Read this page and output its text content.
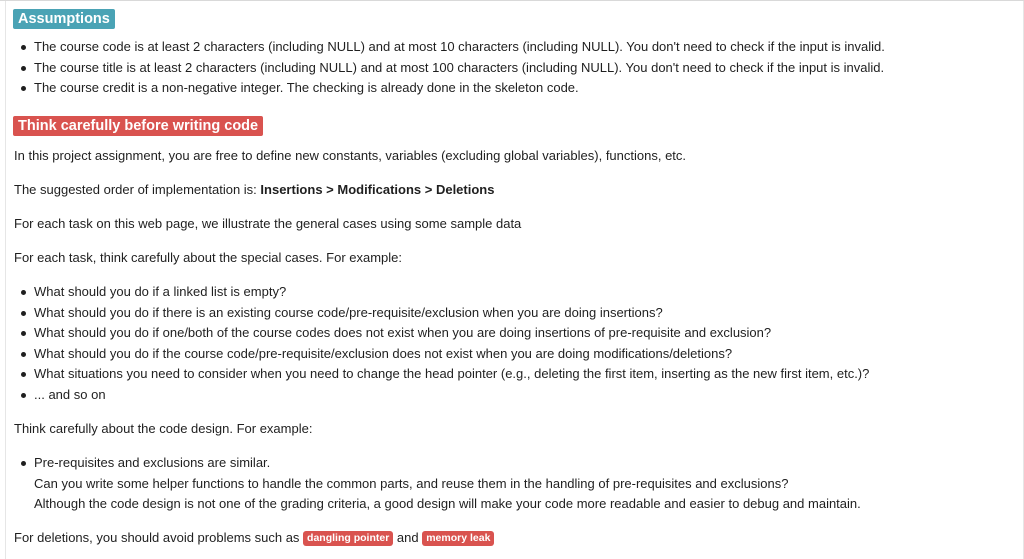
Assumptions
The course code is at least 2 characters (including NULL) and at most 10 characters (including NULL). You don't need to check if the input is invalid.
The course title is at least 2 characters (including NULL) and at most 100 characters (including NULL). You don't need to check if the input is invalid.
The course credit is a non-negative integer. The checking is already done in the skeleton code.
Think carefully before writing code
In this project assignment, you are free to define new constants, variables (excluding global variables), functions, etc.
The suggested order of implementation is: Insertions > Modifications > Deletions
For each task on this web page, we illustrate the general cases using some sample data
For each task, think carefully about the special cases. For example:
What should you do if a linked list is empty?
What should you do if there is an existing course code/pre-requisite/exclusion when you are doing insertions?
What should you do if one/both of the course codes does not exist when you are doing insertions of pre-requisite and exclusion?
What should you do if the course code/pre-requisite/exclusion does not exist when you are doing modifications/deletions?
What situations you need to consider when you need to change the head pointer (e.g., deleting the first item, inserting as the new first item, etc.)?
... and so on
Think carefully about the code design. For example:
Pre-requisites and exclusions are similar.
Can you write some helper functions to handle the common parts, and reuse them in the handling of pre-requisites and exclusions?
Although the code design is not one of the grading criteria, a good design will make your code more readable and easier to debug and maintain.
For deletions, you should avoid problems such as dangling pointer and memory leak
